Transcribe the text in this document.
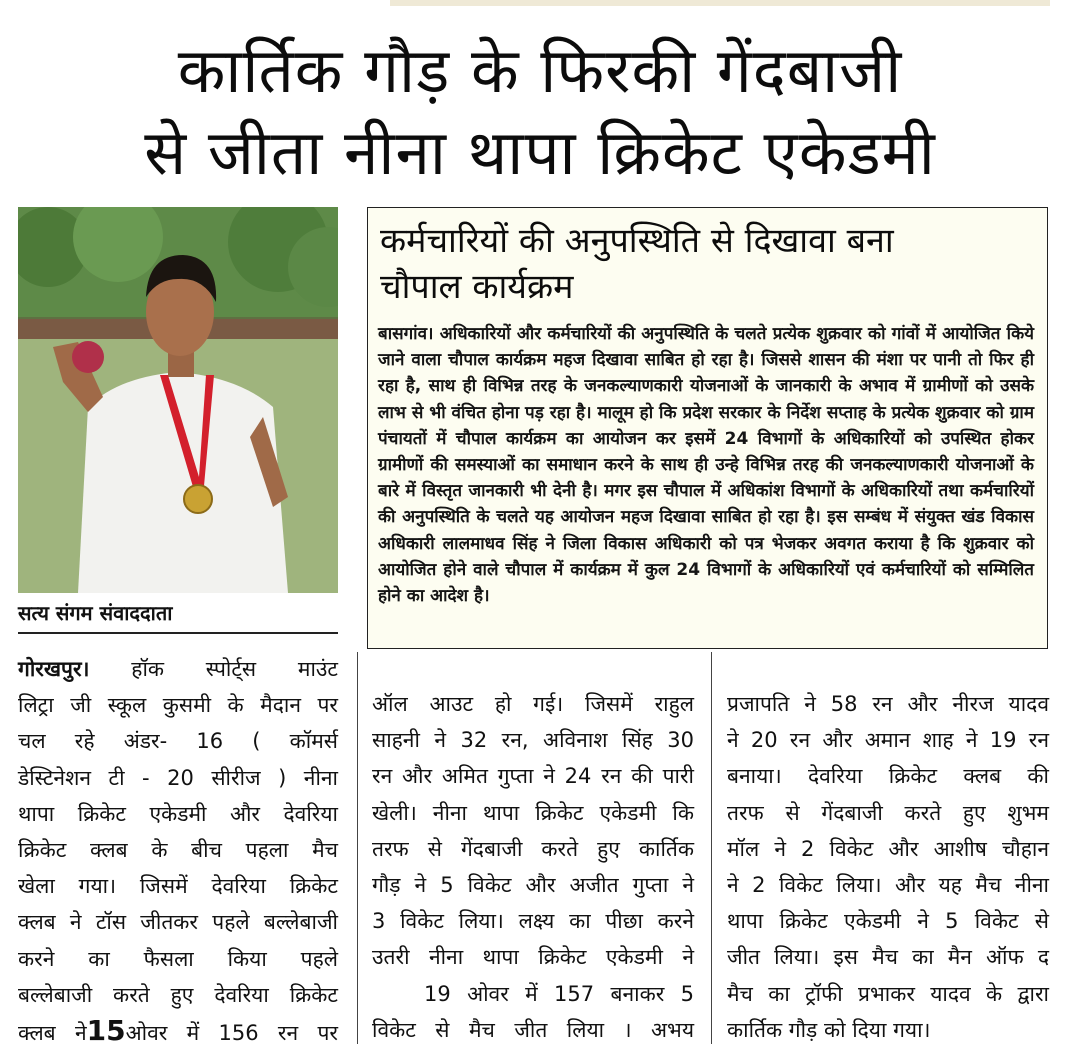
कार्तिक गौड़ के फिरकी गेंदबाजी
से जीता नीना थापा क्रिकेट एकेडमी
सत्य संगम संवाददाता
कर्मचारियों की अनुपस्थिति से दिखावा बना
चौपाल कार्यक्रम
बासगांव। अधिकारियों और कर्मचारियों की अनुपस्थिति के चलते प्रत्येक शुक्रवार को गांवों में आयोजित किये जाने वाला चौपाल कार्यक्रम महज दिखावा साबित हो रहा है। जिससे शासन की मंशा पर पानी तो फिर ही रहा है, साथ ही विभिन्न तरह के जनकल्याणकारी योजनाओं के जानकारी के अभाव में ग्रामीणों को उसके लाभ से भी वंचित होना पड़ रहा है। मालूम हो कि प्रदेश सरकार के निर्देश सप्ताह के प्रत्येक शुक्रवार को ग्राम पंचायतों में चौपाल कार्यक्रम का आयोजन कर इसमें 24 विभागों के अधिकारियों को उपस्थित होकर ग्रामीणों की समस्याओं का समाधान करने के साथ ही उन्हे विभिन्न तरह की जनकल्याणकारी योजनाओं के बारे में विस्तृत जानकारी भी देनी है। मगर इस चौपाल में अधिकांश विभागों के अधिकारियों तथा कर्मचारियों की अनुपस्थिति के चलते यह आयोजन महज दिखावा साबित हो रहा है। इस सम्बंध में संयुक्त खंड विकास अधिकारी लालमाधव सिंह ने जिला विकास अधिकारी को पत्र भेजकर अवगत कराया है कि शुक्रवार को आयोजित होने वाले चौपाल में कार्यक्रम में कुल 24 विभागों के अधिकारियों एवं कर्मचारियों को सम्मिलित होने का आदेश है।
गोरखपुर। हॉक स्पोर्ट्स माउंट
लिट्रा जी स्कूल कुसमी के मैदान पर
चल रहे अंडर- 16 ( कॉमर्स
डेस्टिनेशन टी - 20 सीरीज ) नीना
थापा क्रिकेट एकेडमी और देवरिया
क्रिकेट क्लब के बीच पहला मैच
खेला गया। जिसमें देवरिया क्रिकेट
क्लब ने टॉस जीतकर पहले बल्लेबाजी
करने का फैसला किया पहले
बल्लेबाजी करते हुए देवरिया क्रिकेट
क्लब ने15ओवर में 156 रन पर
ऑल आउट हो गई। जिसमें राहुल
साहनी ने 32 रन, अविनाश सिंह 30
रन और अमित गुप्ता ने 24 रन की पारी
खेली। नीना थापा क्रिकेट एकेडमी कि
तरफ से गेंदबाजी करते हुए कार्तिक
गौड़ ने 5 विकेट और अजीत गुप्ता ने
3 विकेट लिया। लक्ष्य का पीछा करने
उतरी नीना थापा क्रिकेट एकेडमी ने
19 ओवर में 157 बनाकर 5
विकेट से मैच जीत लिया । अभय
प्रजापति ने 58 रन और नीरज यादव
ने 20 रन और अमान शाह ने 19 रन
बनाया। देवरिया क्रिकेट क्लब की
तरफ से गेंदबाजी करते हुए शुभम
मॉल ने 2 विकेट और आशीष चौहान
ने 2 विकेट लिया। और यह मैच नीना
थापा क्रिकेट एकेडमी ने 5 विकेट से
जीत लिया। इस मैच का मैन ऑफ द
मैच का ट्रॉफी प्रभाकर यादव के द्वारा
कार्तिक गौड़ को दिया गया।
